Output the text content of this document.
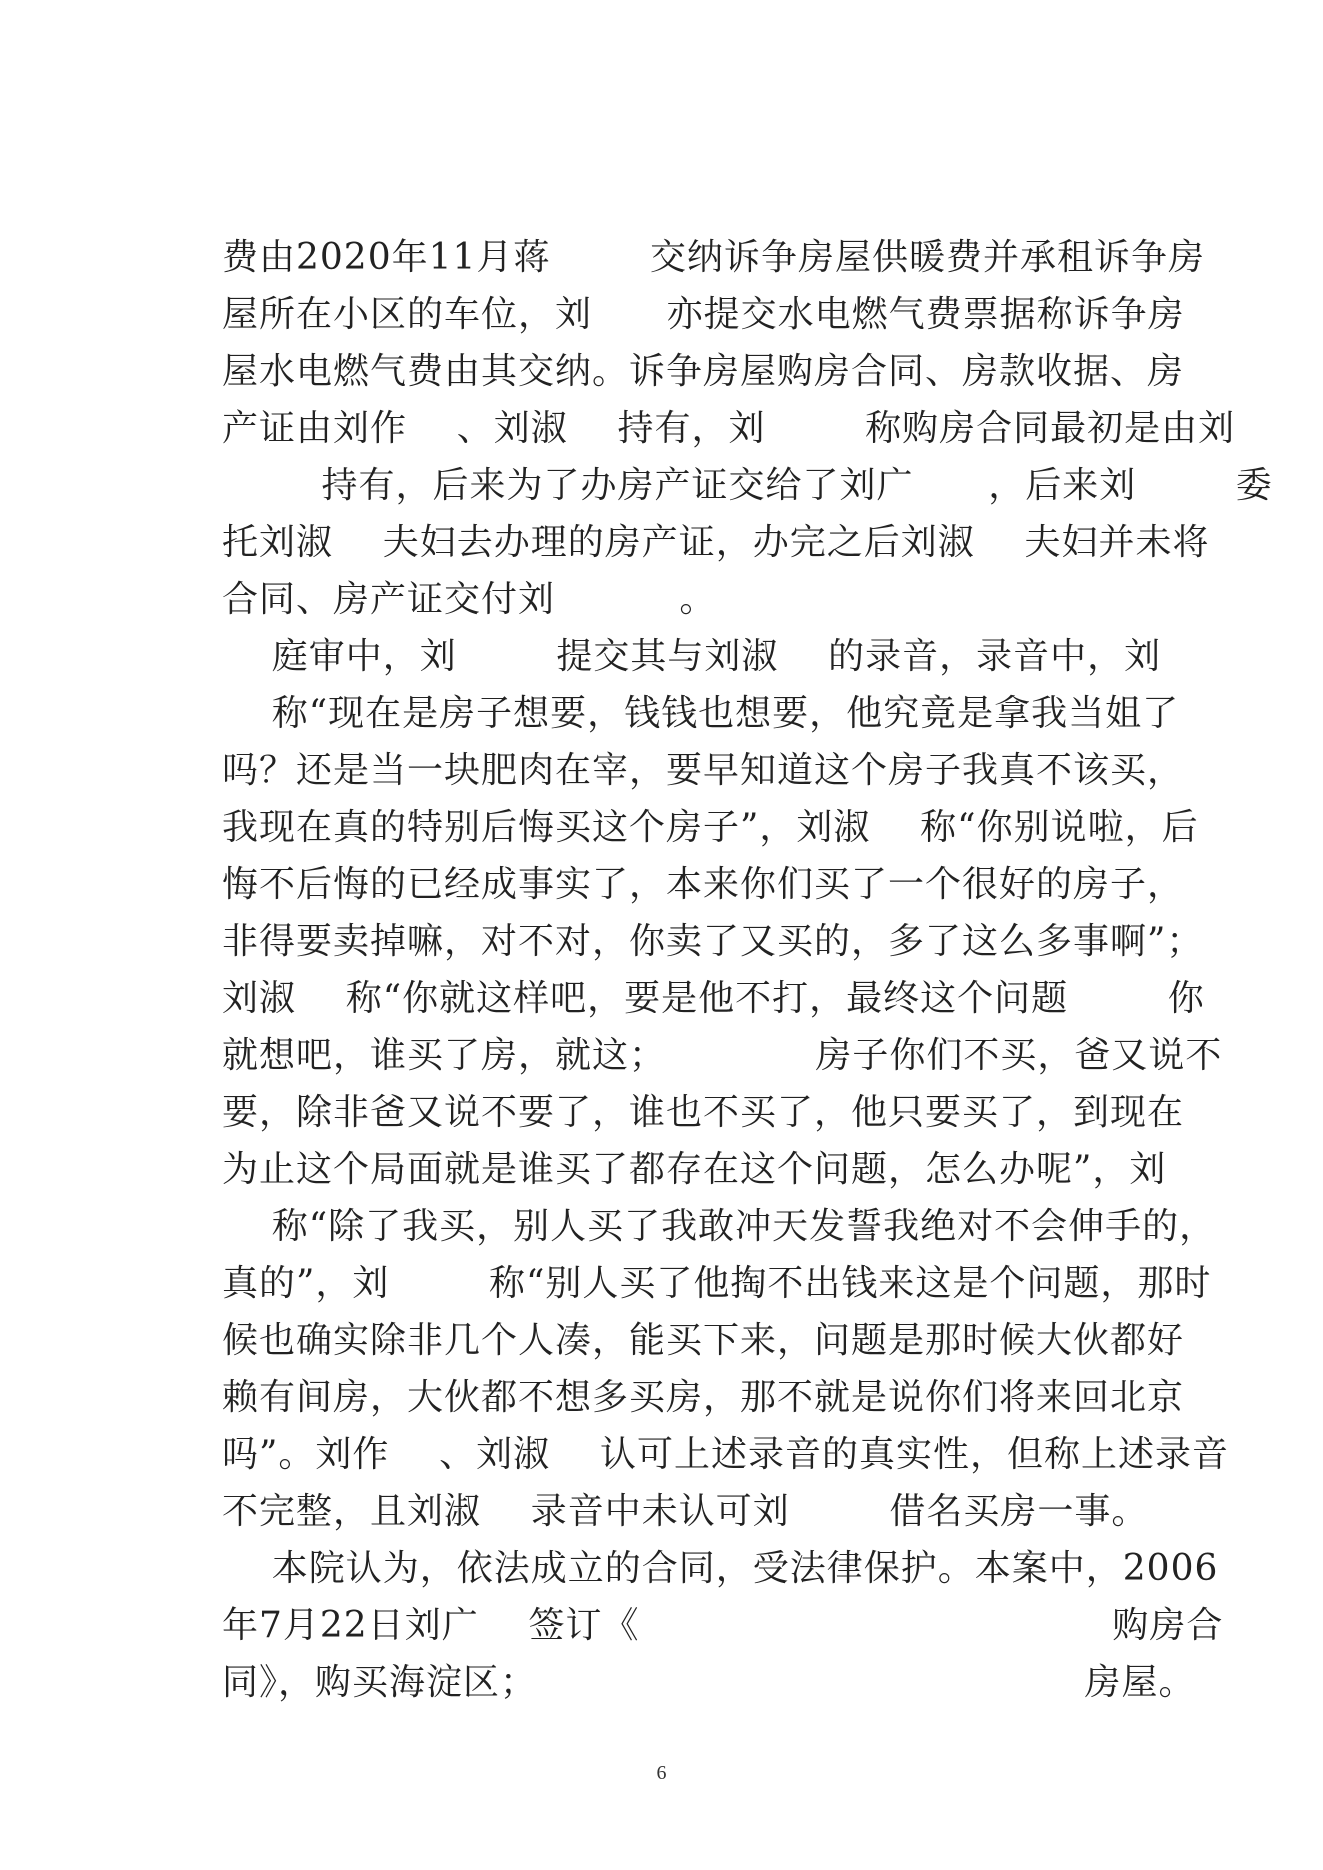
费由2020年11月蒋        交纳诉争房屋供暖费并承租诉争房
屋所在小区的车位，刘      亦提交水电燃气费票据称诉争房
屋水电燃气费由其交纳。诉争房屋购房合同、房款收据、房
产证由刘作    、刘淑    持有，刘        称购房合同最初是由刘
持有，后来为了办房产证交给了刘广      ，后来刘        委
托刘淑    夫妇去办理的房产证，办完之后刘淑    夫妇并未将
合同、房产证交付刘          。
庭审中，刘        提交其与刘淑    的录音，录音中，刘
称“现在是房子想要，钱钱也想要，他究竟是拿我当姐了
吗？还是当一块肥肉在宰，要早知道这个房子我真不该买，
我现在真的特别后悔买这个房子”，刘淑    称“你别说啦，后
悔不后悔的已经成事实了，本来你们买了一个很好的房子，
非得要卖掉嘛，对不对，你卖了又买的，多了这么多事啊”；
刘淑    称“你就这样吧，要是他不打，最终这个问题        你
就想吧，谁买了房，就这；            房子你们不买，爸又说不
要，除非爸又说不要了，谁也不买了，他只要买了，到现在
为止这个局面就是谁买了都存在这个问题，怎么办呢”，刘
称“除了我买，别人买了我敢冲天发誓我绝对不会伸手的，
真的”，刘        称“别人买了他掏不出钱来这是个问题，那时
候也确实除非几个人凑，能买下来，问题是那时候大伙都好
赖有间房，大伙都不想多买房，那不就是说你们将来回北京
吗”。刘作    、刘淑    认可上述录音的真实性，但称上述录音
不完整，且刘淑    录音中未认可刘        借名买房一事。
本院认为，依法成立的合同，受法律保护。本案中，2006
年7月22日刘广    签订《                                      购房合
同》，购买海淀区；                                            房屋。
6
